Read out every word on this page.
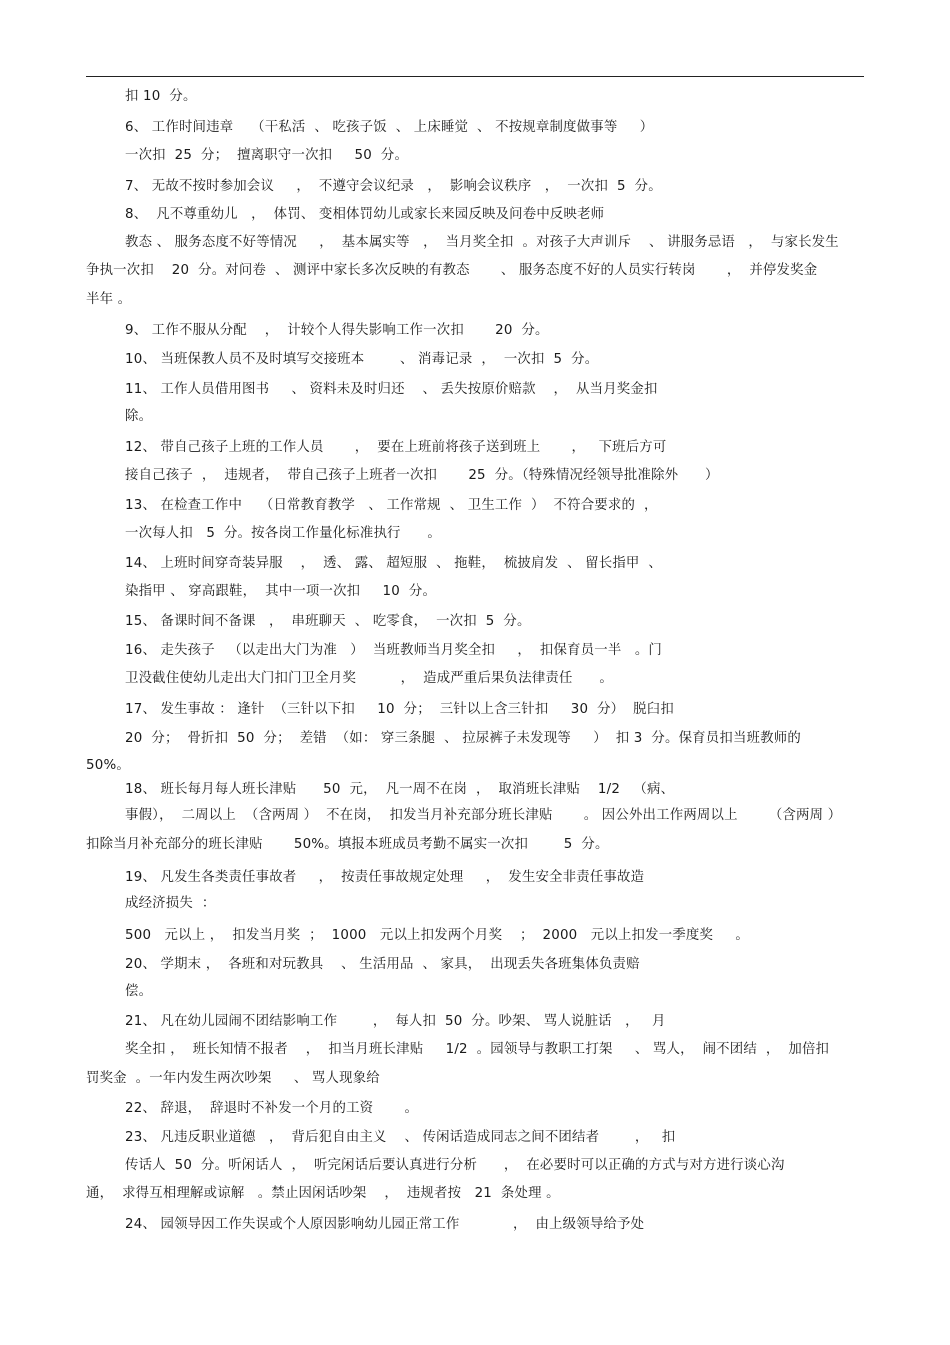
扣 10  分。
6、 工作时间违章    （干私活  、 吃孩子饭  、 上床睡觉  、 不按规章制度做事等     ）
一次扣  25  分；  擅离职守一次扣     50  分。
7、 无故不按时参加会议     ，  不遵守会议纪录   ，  影响会议秩序   ，  一次扣  5  分。
8、  凡不尊重幼儿   ，  体罚、 变相体罚幼儿或家长来园反映及问卷中反映老师
教态 、 服务态度不好等情况     ，  基本属实等   ，  当月奖全扣  。对孩子大声训斥    、 讲服务忌语   ，  与家长发生
争执一次扣    20  分。对问卷  、 测评中家长多次反映的有教态       、 服务态度不好的人员实行转岗       ，  并停发奖金
半年 。
9、 工作不服从分配    ，  计较个人得失影响工作一次扣       20  分。
10、 当班保教人员不及时填写交接班本        、 消毒记录  ，  一次扣  5  分。
11、 工作人员借用图书     、 资料未及时归还    、 丢失按原价赔款    ，  从当月奖金扣
除。
12、 带自己孩子上班的工作人员       ，  要在上班前将孩子送到班上       ，   下班后方可
接自己孩子  ，  违规者，  带自己孩子上班者一次扣       25  分。（特殊情况经领导批准除外      ）
13、 在检查工作中    （日常教育教学   、 工作常规  、 卫生工作  ）  不符合要求的  ，
一次每人扣   5  分。按各岗工作量化标准执行      。
14、 上班时间穿奇装异服    ，  透、 露、 超短服  、 拖鞋，  梳披肩发  、 留长指甲  、
染指甲 、 穿高跟鞋，  其中一项一次扣     10  分。
15、 备课时间不备课   ，  串班聊天  、 吃零食，  一次扣  5  分。
16、 走失孩子   （以走出大门为准   ）  当班教师当月奖全扣     ，  扣保育员一半   。门
卫没截住使幼儿走出大门扣门卫全月奖          ，  造成严重后果负法律责任      。
17、 发生事故 ： 逢针  （三针以下扣     10  分；  三针以上含三针扣     30  分）  脱臼扣
20  分；  骨折扣  50  分；  差错  （如： 穿三条腿  、 拉尿裤子未发现等     ）  扣 3  分。保育员扣当班教师的
50%。
18、 班长每月每人班长津贴      50  元，  凡一周不在岗  ，  取消班长津贴    1/2   （病、
事假），  二周以上  （含两周 ）  不在岗，  扣发当月补充部分班长津贴       。 因公外出工作两周以上       （含两周 ）
扣除当月补充部分的班长津贴       50%。填报本班成员考勤不属实一次扣        5  分。
19、 凡发生各类责任事故者     ，  按责任事故规定处理     ，  发生安全非责任事故造
成经济损失  ：
500   元以上 ，  扣发当月奖  ；  1000   元以上扣发两个月奖    ；  2000   元以上扣发一季度奖     。
20、 学期末 ，  各班和对玩教具    、 生活用品  、 家具，  出现丢失各班集体负责赔
偿。
21、 凡在幼儿园闹不团结影响工作        ，  每人扣  50  分。吵架、 骂人说脏话   ，   月
奖全扣 ，  班长知情不报者    ，  扣当月班长津贴     1/2  。园领导与教职工打架     、 骂人，  闹不团结  ，  加倍扣
罚奖金  。一年内发生两次吵架     、 骂人现象给
22、 辞退，  辞退时不补发一个月的工资       。
23、 凡违反职业道德   ，  背后犯自由主义    、 传闲话造成同志之间不团结者        ，   扣
传话人  50  分。听闲话人  ，  听完闲话后要认真进行分析      ，  在必要时可以正确的方式与对方进行谈心沟
通，  求得互相理解或谅解   。禁止因闲话吵架    ，  违规者按   21  条处理 。
24、 园领导因工作失误或个人原因影响幼儿园正常工作            ，  由上级领导给予处
